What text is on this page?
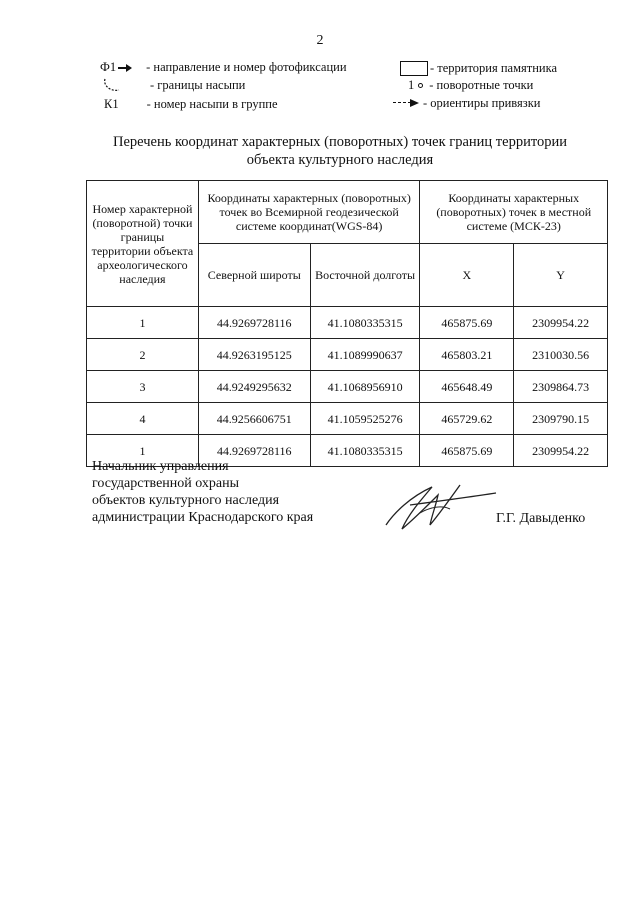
2
Ф1	- направление и номер фотофиксации
- границы насыпи
К1 - номер насыпи в группе
- территория памятника
1 - поворотные точки
- ориентиры привязки
Перечень координат характерных (поворотных) точек границ территории
объекта культурного наследия
Номер характерной (поворотной) точки границы территории объекта археологического наследия	Координаты характерных (поворотных) точек во Всемирной геодезической системе координат(WGS-84)		Координаты характерных (поворотных) точек в местной системе (МСК-23)	
	Северной широты	Восточной долготы	X	Y
1	44.9269728116	41.1080335315	465875.69	2309954.22
2	44.9263195125	41.1089990637	465803.21	2310030.56
3	44.9249295632	41.1068956910	465648.49	2309864.73
4	44.9256606751	41.1059525276	465729.62	2309790.15
1	44.9269728116	41.1080335315	465875.69	2309954.22
Начальник управления
государственной охраны
объектов культурного наследия
администрации Краснодарского края	Г.Г. Давыденко
